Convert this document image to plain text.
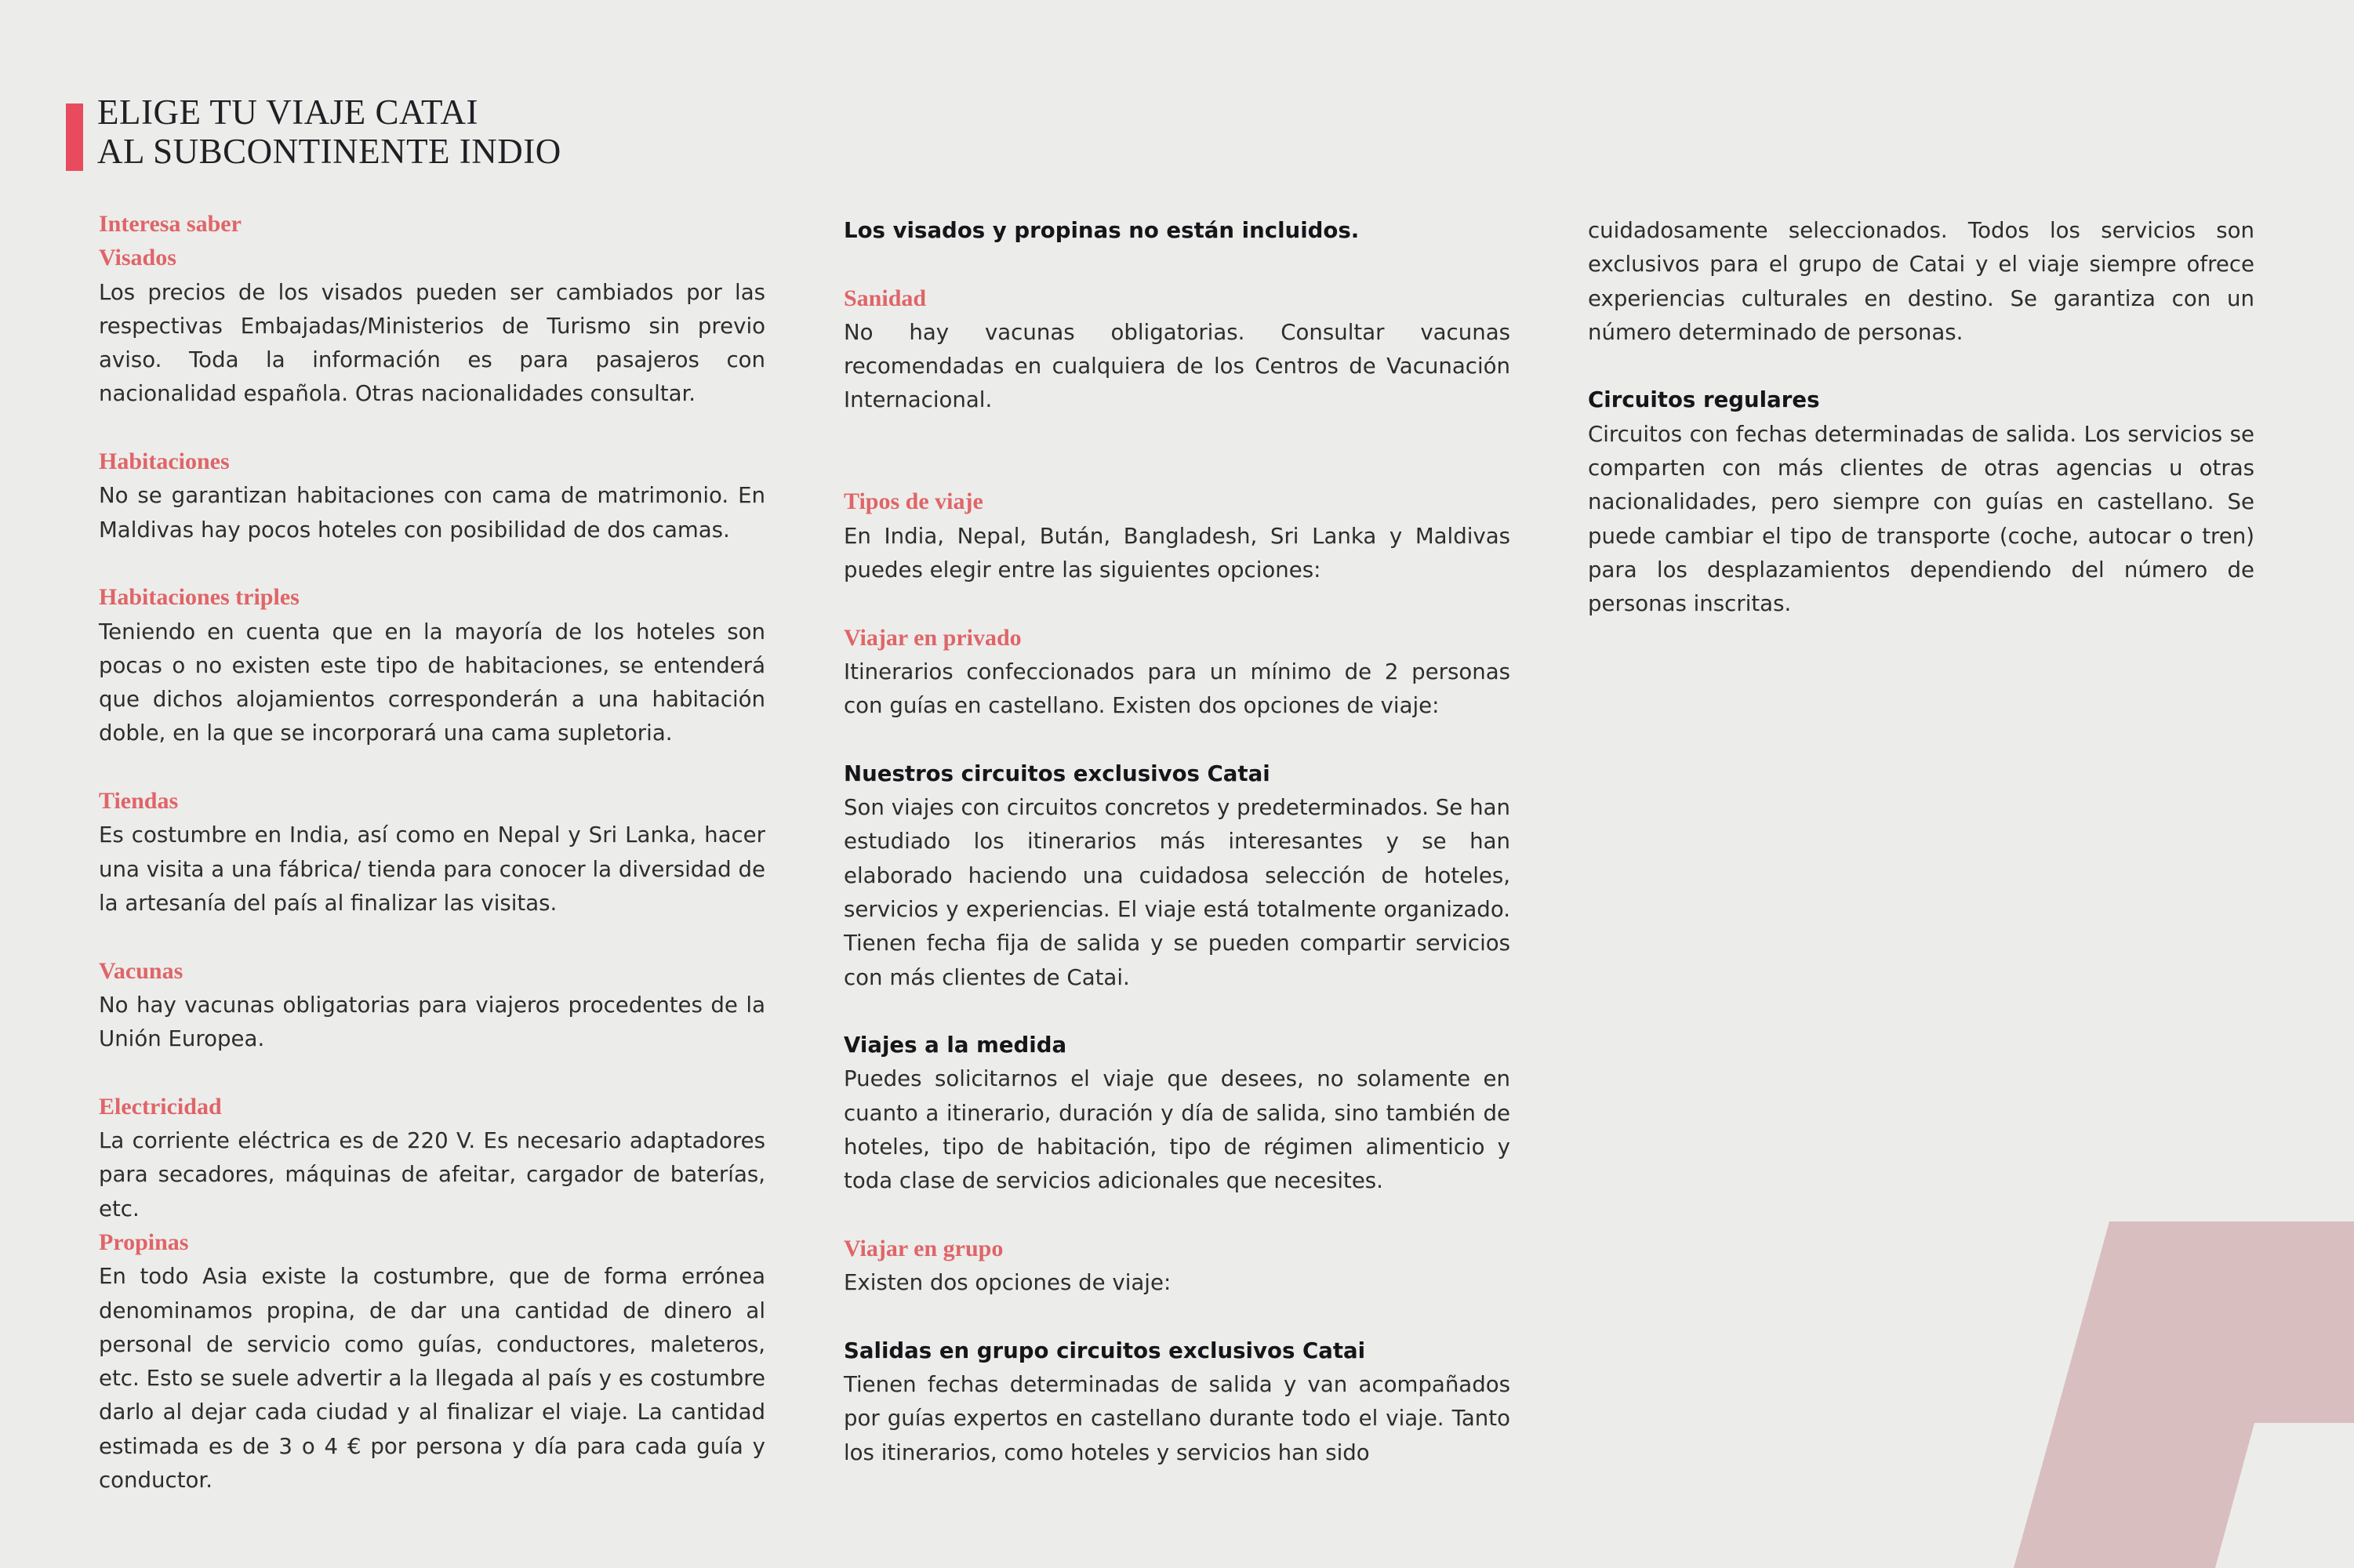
ELIGE TU VIAJE CATAI
AL SUBCONTINENTE INDIO
Interesa saber
Visados

Los precios de los visados pueden ser cambiados por las respectivas Embajadas/Ministerios de Turismo sin previo aviso. Toda la información es para pasajeros con nacionalidad española. Otras nacionalidades consultar.

Habitaciones

No se garantizan habitaciones con cama de matrimonio. En Maldivas hay pocos hoteles con posibilidad de dos camas.

Habitaciones triples

Teniendo en cuenta que en la mayoría de los hoteles son pocas o no existen este tipo de habitaciones, se entenderá que dichos alojamientos corresponderán a una habitación doble, en la que se incorporará una cama supletoria.

Tiendas

Es costumbre en India, así como en Nepal y Sri Lanka, hacer una visita a una fábrica/ tienda para conocer la diversidad de la artesanía del país al finalizar las visitas.

Vacunas

No hay vacunas obligatorias para viajeros procedentes de la Unión Europea.

Electricidad

La corriente eléctrica es de 220 V. Es necesario adaptadores para secadores, máquinas de afeitar, cargador de baterías, etc.

Propinas

En todo Asia existe la costumbre, que de forma errónea denominamos propina, de dar una cantidad de dinero al personal de servicio como guías, conductores, maleteros, etc. Esto se suele advertir a la llegada al país y es costumbre darlo al dejar cada ciudad y al finalizar el viaje. La cantidad estimada es de 3 o 4 € por persona y día para cada guía y conductor.

Los visados y propinas no están incluidos.
Sanidad

No hay vacunas obligatorias. Consultar vacunas recomendadas en cualquiera de los Centros de Vacunación Internacional.

Tipos de viaje

En India, Nepal, Bután, Bangladesh, Sri Lanka y Maldivas puedes elegir entre las siguientes opciones:

Viajar en privado

Itinerarios confeccionados para un mínimo de 2 personas con guías en castellano. Existen dos opciones de viaje:

Nuestros circuitos exclusivos Catai

Son viajes con circuitos concretos y predeterminados. Se han estudiado los itinerarios más interesantes y se han elaborado haciendo una cuidadosa selección de hoteles, servicios y experiencias. El viaje está totalmente organizado. Tienen fecha fija de salida y se pueden compartir servicios con más clientes de Catai.

Viajes a la medida

Puedes solicitarnos el viaje que desees, no solamente en cuanto a itinerario, duración y día de salida, sino también de hoteles, tipo de habitación, tipo de régimen alimenticio y toda clase de servicios adicionales que necesites.

Viajar en grupo

Existen dos opciones de viaje:

Salidas en grupo circuitos exclusivos Catai

Tienen fechas determinadas de salida y van acompañados por guías expertos en castellano durante todo el viaje. Tanto los itinerarios, como hoteles y servicios han sido

cuidadosamente seleccionados. Todos los servicios son exclusivos para el grupo de Catai y el viaje siempre ofrece experiencias culturales en destino. Se garantiza con un número determinado de personas.

Circuitos regulares

Circuitos con fechas determinadas de salida. Los servicios se comparten con más clientes de otras agencias u otras nacionalidades, pero siempre con guías en castellano. Se puede cambiar el tipo de transporte (coche, autocar o tren) para los desplazamientos dependiendo del número de personas inscritas.
